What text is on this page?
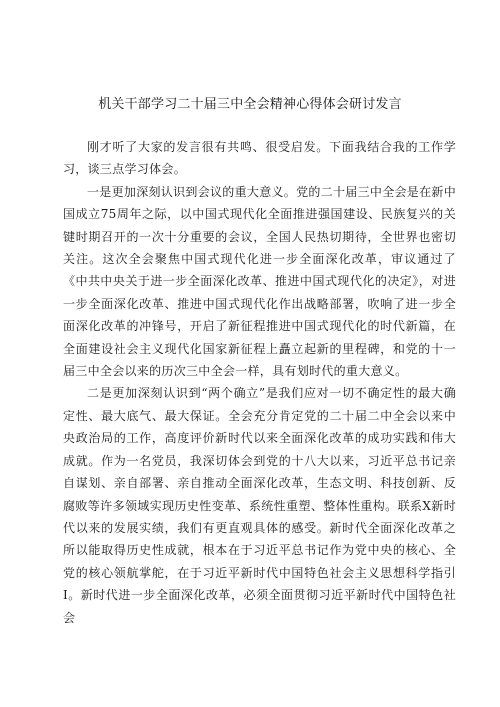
机关干部学习二十届三中全会精神心得体会研讨发言

刚才听了大家的发言很有共鸣、很受启发。下面我结合我的工作学习，谈三点学习体会。

一是更加深刻认识到会议的重大意义。党的二十届三中全会是在新中国成立75周年之际，以中国式现代化全面推进强国建设、民族复兴的关键时期召开的一次十分重要的会议，全国人民热切期待，全世界也密切关注。这次全会聚焦中国式现代化进一步全面深化改革，审议通过了《中共中央关于进一步全面深化改革、推进中国式现代化的决定》，对进一步全面深化改革、推进中国式现代化作出战略部署，吹响了进一步全面深化改革的冲锋号，开启了新征程推进中国式现代化的时代新篇，在全面建设社会主义现代化国家新征程上矗立起新的里程碑，和党的十一届三中全会以来的历次三中全会一样，具有划时代的重大意义。

二是更加深刻认识到“两个确立”是我们应对一切不确定性的最大确定性、最大底气、最大保证。全会充分肯定党的二十届二中全会以来中央政治局的工作，高度评价新时代以来全面深化改革的成功实践和伟大成就。作为一名党员，我深切体会到党的十八大以来，习近平总书记亲自谋划、亲自部署、亲自推动全面深化改革，生态文明、科技创新、反腐败等许多领域实现历史性变革、系统性重塑、整体性重构。联系X新时代以来的发展实绩，我们有更直观具体的感受。新时代全面深化改革之所以能取得历史性成就，根本在于习近平总书记作为党中央的核心、全党的核心领航掌舵，在于习近平新时代中国特色社会主义思想科学指引I。新时代进一步全面深化改革，必须全面贯彻习近平新时代中国特色社会
